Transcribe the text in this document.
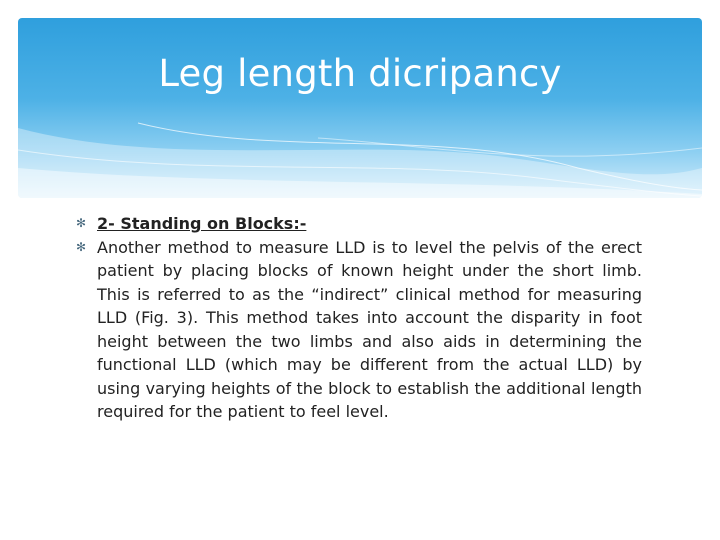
Leg length dicripancy
✻ 2- Standing on Blocks:-
✻ Another method to measure LLD is to level the pelvis of the erect patient by placing blocks of known height under the short limb. This is referred to as the “indirect” clinical method for measuring LLD (Fig. 3). This method takes into account the disparity in foot height between the two limbs and also aids in determining the functional LLD (which may be different from the actual LLD) by using varying heights of the block to establish the additional length required for the patient to feel level.
